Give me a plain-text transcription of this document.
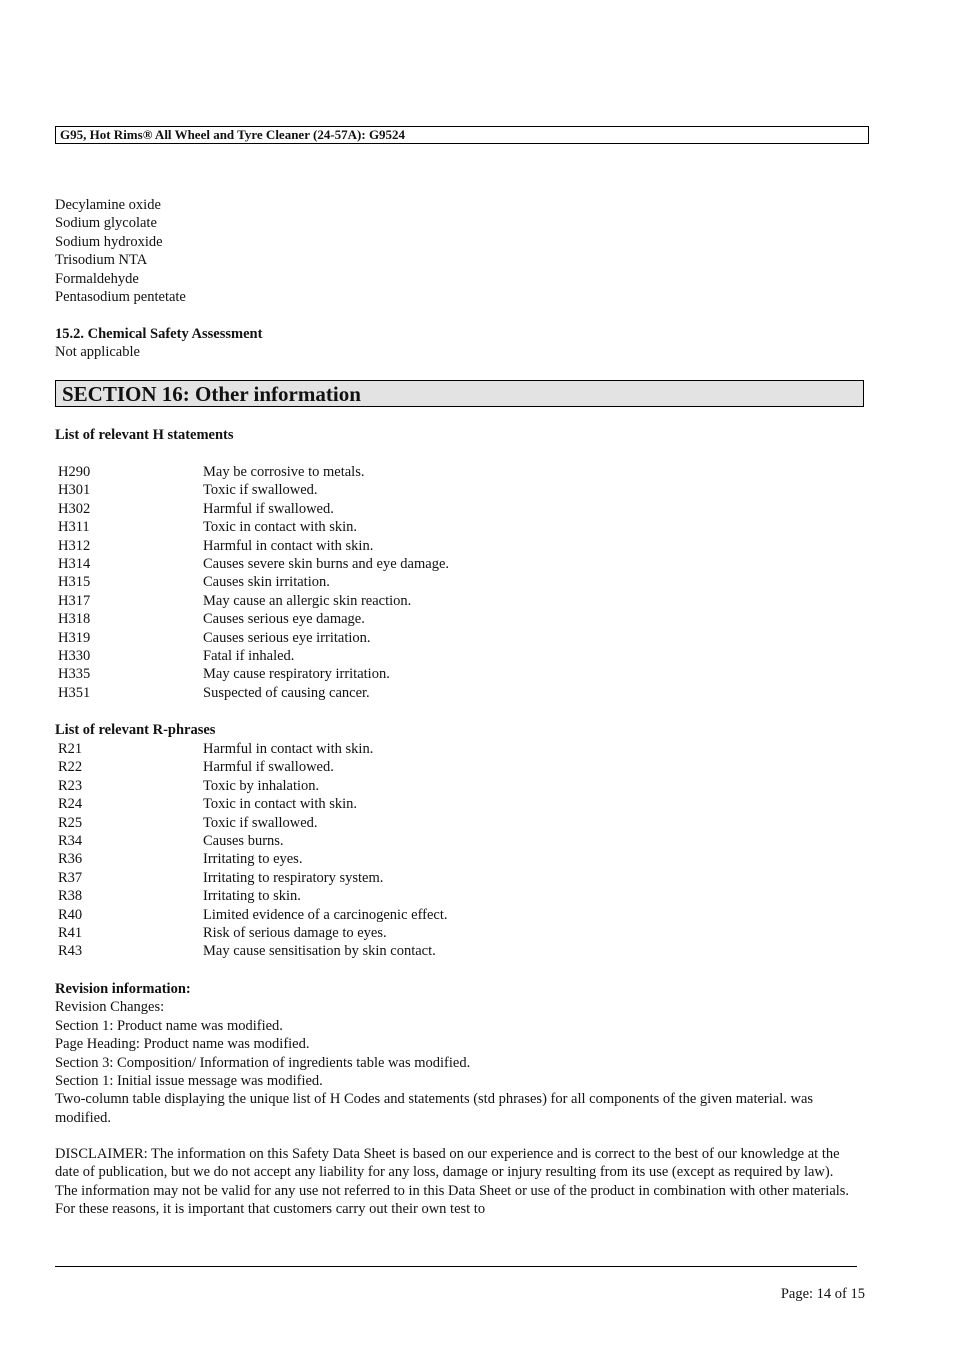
G95, Hot Rims® All Wheel and Tyre Cleaner (24-57A): G9524
Decylamine oxide
Sodium glycolate
Sodium hydroxide
Trisodium NTA
Formaldehyde
Pentasodium pentetate
15.2. Chemical Safety Assessment
Not applicable
SECTION 16: Other information
List of relevant H statements
H290	May be corrosive to metals.
H301	Toxic if swallowed.
H302	Harmful if swallowed.
H311	Toxic in contact with skin.
H312	Harmful in contact with skin.
H314	Causes severe skin burns and eye damage.
H315	Causes skin irritation.
H317	May cause an allergic skin reaction.
H318	Causes serious eye damage.
H319	Causes serious eye irritation.
H330	Fatal if inhaled.
H335	May cause respiratory irritation.
H351	Suspected of causing cancer.
List of relevant R-phrases
R21	Harmful in contact with skin.
R22	Harmful if swallowed.
R23	Toxic by inhalation.
R24	Toxic in contact with skin.
R25	Toxic if swallowed.
R34	Causes burns.
R36	Irritating to eyes.
R37	Irritating to respiratory system.
R38	Irritating to skin.
R40	Limited evidence of a carcinogenic effect.
R41	Risk of serious damage to eyes.
R43	May cause sensitisation by skin contact.
Revision information:
Revision Changes:
Section 1: Product name was modified.
Page Heading: Product name was modified.
Section 3: Composition/ Information of ingredients table was modified.
Section 1: Initial issue message was modified.
Two-column table displaying the unique list of H Codes and statements (std phrases) for all components of the given material. was modified.
DISCLAIMER: The information on this Safety Data Sheet is based on our experience and is correct to the best of our knowledge at the date of publication, but we do not accept any liability for any loss, damage or injury resulting from its use (except as required by law). The information may not be valid for any use not referred to in this Data Sheet or use of the product in combination with other materials. For these reasons, it is important that customers carry out their own test to
Page: 14 of 15
